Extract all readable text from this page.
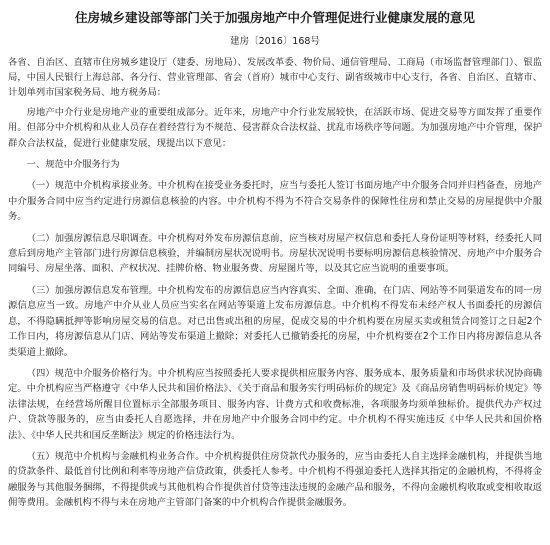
住房城乡建设部等部门关于加强房地产中介管理促进行业健康发展的意见
建房〔2016〕168号
各省、自治区、直辖市住房城乡建设厅（建委、房地局）、发展改革委、物价局、通信管理局、工商局（市场监督管理部门）、银监局，中国人民银行上海总部、各分行、营业管理部、省会（首府）城市中心支行、副省级城市中心支行，各省、自治区、直辖市、计划单列市国家税务局、地方税务局：
房地产中介行业是房地产业的重要组成部分。近年来，房地产中介行业发展较快，在活跃市场、促进交易等方面发挥了重要作用。但部分中介机构和从业人员存在着经营行为不规范、侵害群众合法权益、扰乱市场秩序等问题。为加强房地产中介管理，保护群众合法权益，促进行业健康发展，现提出以下意见：
一、规范中介服务行为
（一）规范中介机构承接业务。中介机构在接受业务委托时，应当与委托人签订书面房地产中介服务合同并归档备查，房地产中介服务合同中应当约定进行房源信息核验的内容。中介机构不得为不符合交易条件的保障性住房和禁止交易的房屋提供中介服务。
（二）加强房源信息尽职调查。中介机构对外发布房源信息前，应当核对房屋产权信息和委托人身份证明等材料，经委托人同意后到房地产主管部门进行房源信息核验，并编制房屋状况说明书。房屋状况说明书要标明房源信息核验情况、房地产中介服务合同编号、房屋坐落、面积、产权状况、挂牌价格、物业服务费、房屋图片等，以及其它应当说明的重要事项。
（三）加强房源信息发布管理。中介机构发布的房源信息应当内容真实、全面、准确，在门店、网站等不同渠道发布的同一房源信息应当一致。房地产中介从业人员应当实名在网站等渠道上发布房源信息。中介机构不得发布未经产权人书面委托的房源信息，不得隐瞒抵押等影响房屋交易的信息。对已出售或出租的房屋，促成交易的中介机构要在房屋买卖或租赁合同签订之日起2个工作日内，将房源信息从门店、网站等发布渠道上撤除；对委托人已撤销委托的房屋，中介机构要在2个工作日内将房源信息从各类渠道上撤除。
（四）规范中介服务价格行为。中介机构应当按照委托人要求提供相应服务内容、服务成本、服务质量和市场供求状况协商确定。中介机构应当严格遵守《中华人民共和国价格法》、《关于商品和服务实行明码标价的规定》及《商品房销售明码标价规定》等法律法规，在经营场所醒目位置标示全部服务项目、服务内容、计费方式和收费标准，各项服务均须单独标价。提供代办产权过户、贷款等服务的，应当由委托人自愿选择，并在房地产中介服务合同中约定。中介机构不得实施违反《中华人民共和国价格法》、《中华人民共和国反垄断法》规定的价格违法行为。
（五）规范中介机构与金融机构业务合作。中介机构提供住房贷款代办服务的，应当由委托人自主选择金融机构，并提供当地的贷款条件、最低首付比例和利率等房地产信贷政策，供委托人参考。中介机构不得强迫委托人选择其指定的金融机构，不得将金融服务与其他服务捆绑，不得提供或与其他机构合作提供首付贷等违法违规的金融产品和服务，不得向金融机构收取或变相收取返佣等费用。金融机构不得与未在房地产主管部门备案的中介机构合作提供金融服务。
